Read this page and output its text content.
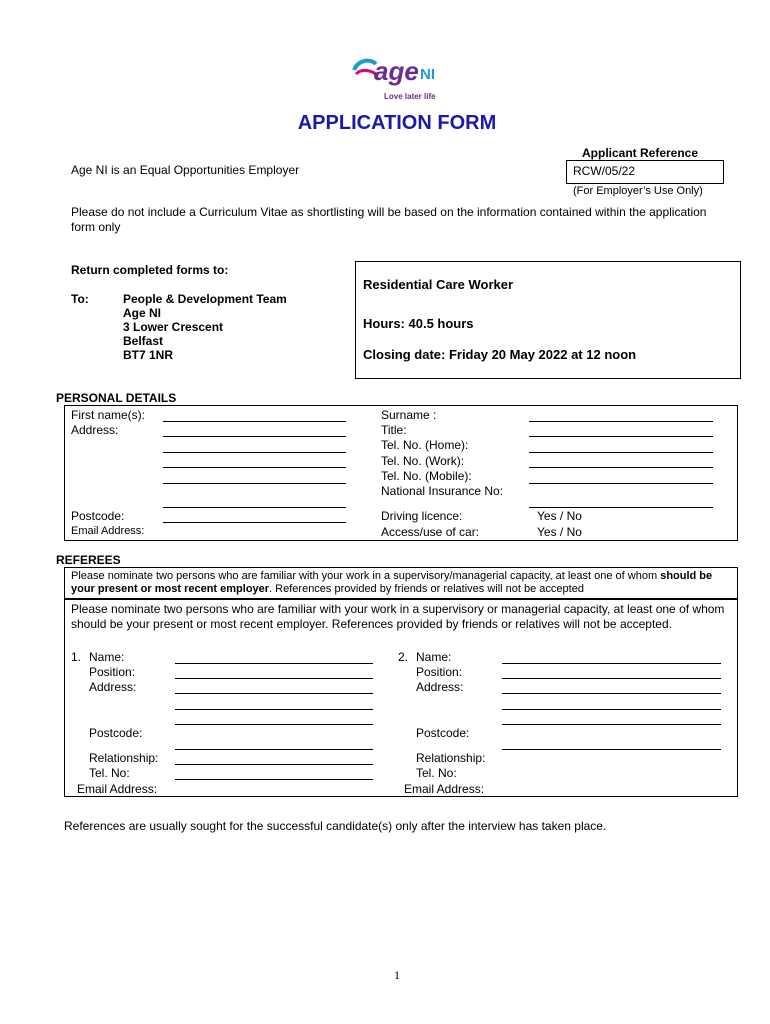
age NI
Love later life
APPLICATION FORM
Applicant Reference
RCW/05/22
(For Employer’s Use Only)
Age NI is an Equal Opportunities Employer
Please do not include a Curriculum Vitae as shortlisting will be based on the information contained within the application form only
Return completed forms to:
To:	People & Development Team
Age NI
3 Lower Crescent
Belfast
BT7 1NR
Residential Care Worker
Hours: 40.5 hours
Closing date: Friday 20 May 2022 at 12 noon
PERSONAL DETAILS
First name(s):
Address:
Postcode:
Email Address:
Surname :
Title:
Tel. No. (Home):
Tel. No. (Work):
Tel. No. (Mobile):
National Insurance No:
Driving licence:	Yes / No
Access/use of car:	Yes / No
REFEREES
Please nominate two persons who are familiar with your work in a supervisory/managerial capacity, at least one of whom should be your present or most recent employer. References provided by friends or relatives will not be accepted
Please nominate two persons who are familiar with your work in a supervisory or managerial capacity, at least one of whom should be your present or most recent employer. References provided by friends or relatives will not be accepted.
1. Name:
Position:
Address:
Postcode:
Relationship:
Tel. No:
Email Address:
2. Name:
Position:
Address:
Postcode:
Relationship:
Tel. No:
Email Address:
References are usually sought for the successful candidate(s) only after the interview has taken place.
1
